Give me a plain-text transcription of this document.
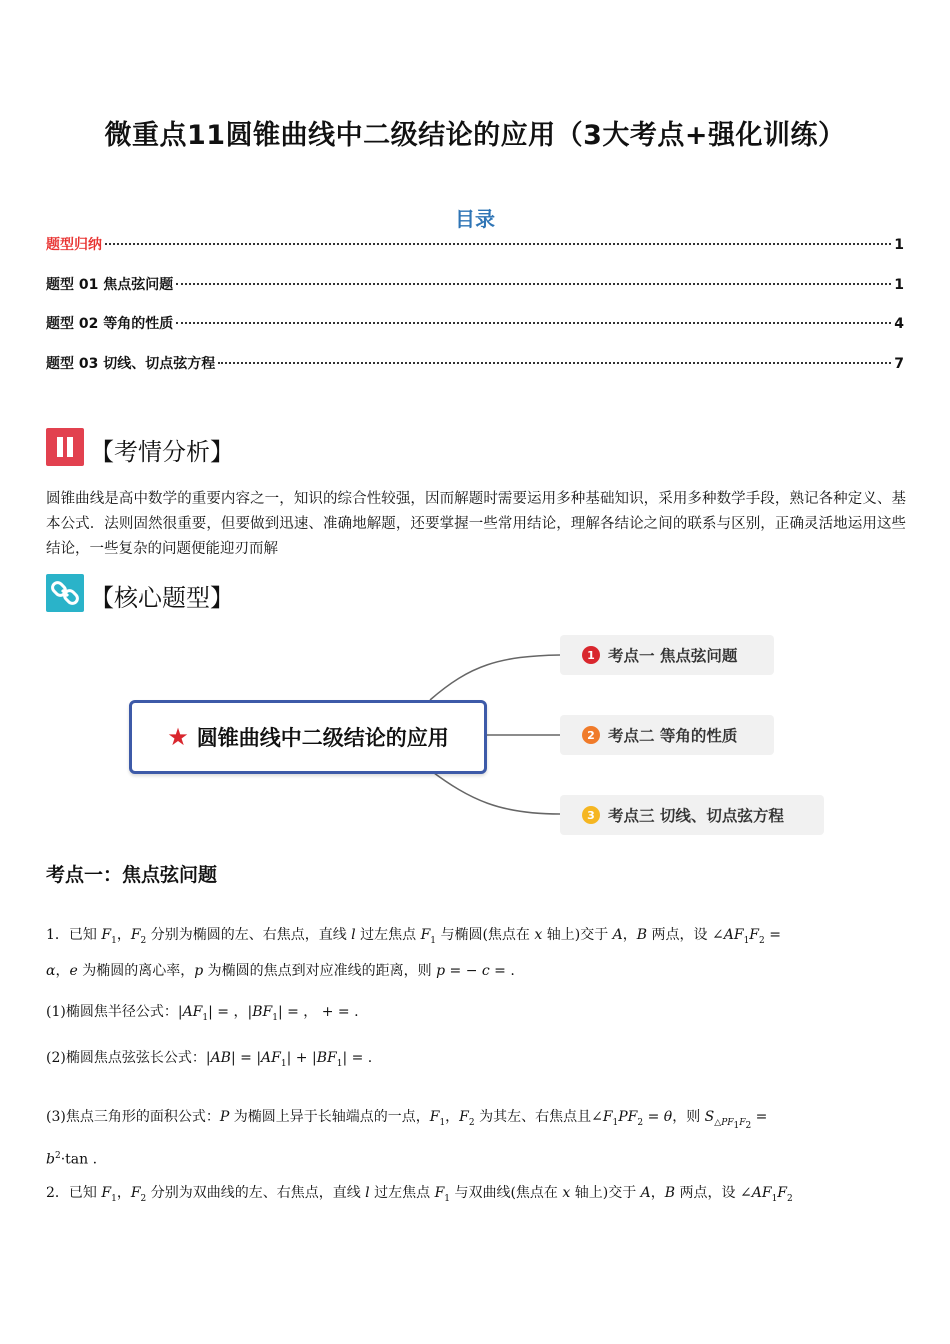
微重点11圆锥曲线中二级结论的应用（3大考点+强化训练）
目录
题型归纳	1
题型 01 焦点弦问题	1
题型 02 等角的性质	4
题型 03 切线、切点弦方程	7
【考情分析】
圆锥曲线是高中数学的重要内容之一，知识的综合性较强，因而解题时需要运用多种基础知识，采用多种数学手段，熟记各种定义、基本公式．法则固然很重要，但要做到迅速、准确地解题，还要掌握一些常用结论，理解各结论之间的联系与区别，正确灵活地运用这些结论，一些复杂的问题便能迎刃而解
【核心题型】
★ 圆锥曲线中二级结论的应用
1 考点一 焦点弦问题
2 考点二 等角的性质
3 考点三 切线、切点弦方程
考点一：焦点弦问题
1．已知 $F_1$，$F_2$ 分别为椭圆的左、右焦点，直线 l 过左焦点 $F_1$ 与椭圆(焦点在 x 轴上)交于 A，B 两点，设 $\angle AF_1F_2$ =
α，e 为椭圆的离心率，p 为椭圆的焦点到对应准线的距离，则 p = − c = .
(1)椭圆焦半径公式：$|AF_1|$ = ，$|BF_1|$ = ， + = .
(2)椭圆焦点弦弦长公式：$|AB| = |AF_1| + |BF_1|$ = .
(3)焦点三角形的面积公式：P 为椭圆上异于长轴端点的一点，$F_1$，$F_2$ 为其左、右焦点且$\angle F_1PF_2 = \theta$，则 $S_{\triangle PF_1F_2}$ =
$b^2\cdot\tan$ .
2．已知 $F_1$，$F_2$ 分别为双曲线的左、右焦点，直线 l 过左焦点 $F_1$ 与双曲线(焦点在 x 轴上)交于 A，B 两点，设 $\angle AF_1F_2$
